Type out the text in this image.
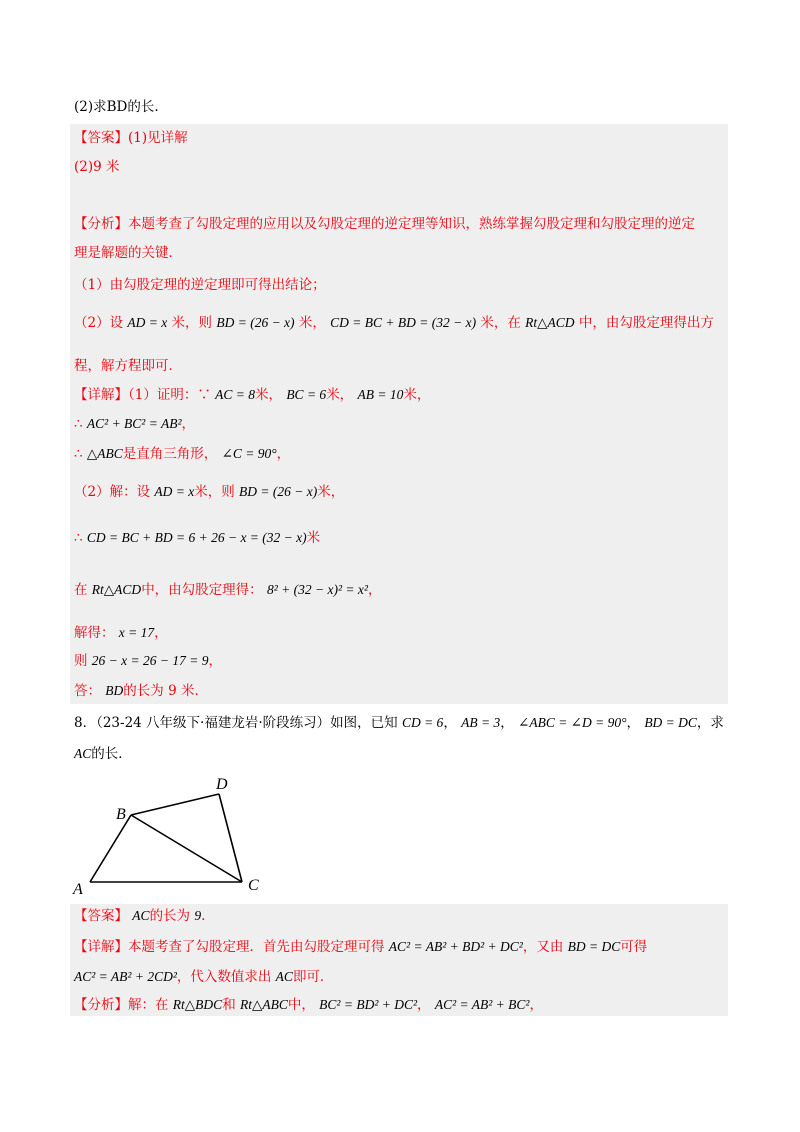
(2)求BD的长.
【答案】(1)见详解
(2)9 米
【分析】本题考查了勾股定理的应用以及勾股定理的逆定理等知识，熟练掌握勾股定理和勾股定理的逆定
理是解题的关键．
（1）由勾股定理的逆定理即可得出结论；
（2）设 AD = x 米，则 BD = (26 − x) 米， CD = BC + BD = (32 − x) 米，在 Rt△ACD 中，由勾股定理得出方
程，解方程即可．
【详解】（1）证明：∵ AC = 8米， BC = 6米， AB = 10米，
∴ AC² + BC² = AB²，
∴ △ABC是直角三角形， ∠C = 90°，
（2）解：设 AD = x米，则 BD = (26 − x)米，
∴ CD = BC + BD = 6 + 26 − x = (32 − x)米
在 Rt△ACD中，由勾股定理得： 8² + (32 − x)² = x²，
解得： x = 17，
则 26 − x = 26 − 17 = 9，
答： BD的长为 9 米．
8．（23-24 八年级下·福建龙岩·阶段练习）如图，已知 CD = 6， AB = 3， ∠ABC = ∠D = 90°， BD = DC，求
AC的长．
A
B
C
D
【答案】 AC的长为 9.
【详解】本题考查了勾股定理．首先由勾股定理可得 AC² = AB² + BD² + DC²，又由 BD = DC可得
AC² = AB² + 2CD²，代入数值求出 AC即可．
【分析】解：在 Rt△BDC和 Rt△ABC中， BC² = BD² + DC²， AC² = AB² + BC²，
